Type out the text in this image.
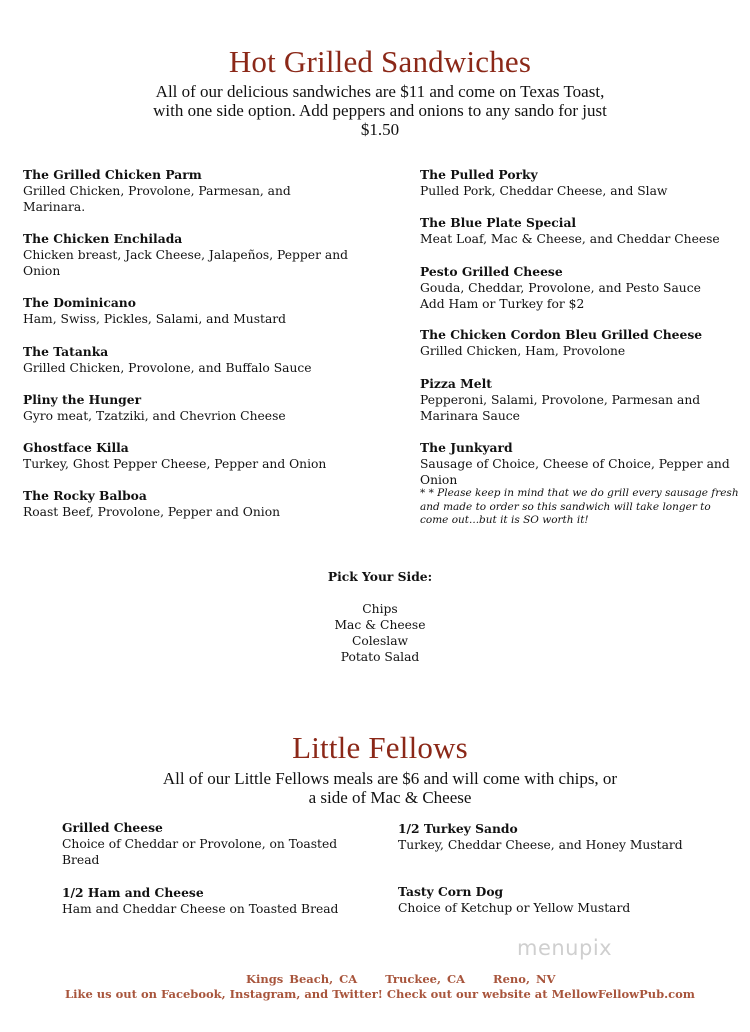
Hot Grilled Sandwiches
All of our delicious sandwiches are $11 and come on Texas Toast, with one side option. Add peppers and onions to any sando for just $1.50
The Grilled Chicken Parm
Grilled Chicken, Provolone, Parmesan, and Marinara.
The Chicken Enchilada
Chicken breast, Jack Cheese, Jalapeños, Pepper and Onion
The Dominicano
Ham, Swiss, Pickles, Salami, and Mustard
The Tatanka
Grilled Chicken, Provolone, and Buffalo Sauce
Pliny the Hunger
Gyro meat, Tzatziki, and Chevrion Cheese
Ghostface Killa
Turkey, Ghost Pepper Cheese, Pepper and Onion
The Rocky Balboa
Roast Beef, Provolone, Pepper and Onion
The Pulled Porky
Pulled Pork, Cheddar Cheese, and Slaw
The Blue Plate Special
Meat Loaf, Mac & Cheese, and Cheddar Cheese
Pesto Grilled Cheese
Gouda, Cheddar, Provolone, and Pesto Sauce
Add Ham or Turkey for $2
The Chicken Cordon Bleu Grilled Cheese
Grilled Chicken, Ham, Provolone
Pizza Melt
Pepperoni, Salami, Provolone, Parmesan and Marinara Sauce
The Junkyard
Sausage of Choice, Cheese of Choice, Pepper and Onion
* * Please keep in mind that we do grill every sausage fresh and made to order so this sandwich will take longer to come out...but it is SO worth it!
Pick Your Side:
Chips
Mac & Cheese
Coleslaw
Potato Salad
Little Fellows
All of our Little Fellows meals are $6 and will come with chips, or a side of Mac & Cheese
Grilled Cheese
Choice of Cheddar or Provolone, on Toasted Bread
1/2 Ham and Cheese
Ham and Cheddar Cheese on Toasted Bread
1/2 Turkey Sando
Turkey, Cheddar Cheese, and Honey Mustard
Tasty Corn Dog
Choice of Ketchup or Yellow Mustard
menupix
Kings Beach, CA Truckee, CA Reno, NV
Like us out on Facebook, Instagram, and Twitter! Check out our website at MellowFellowPub.com
